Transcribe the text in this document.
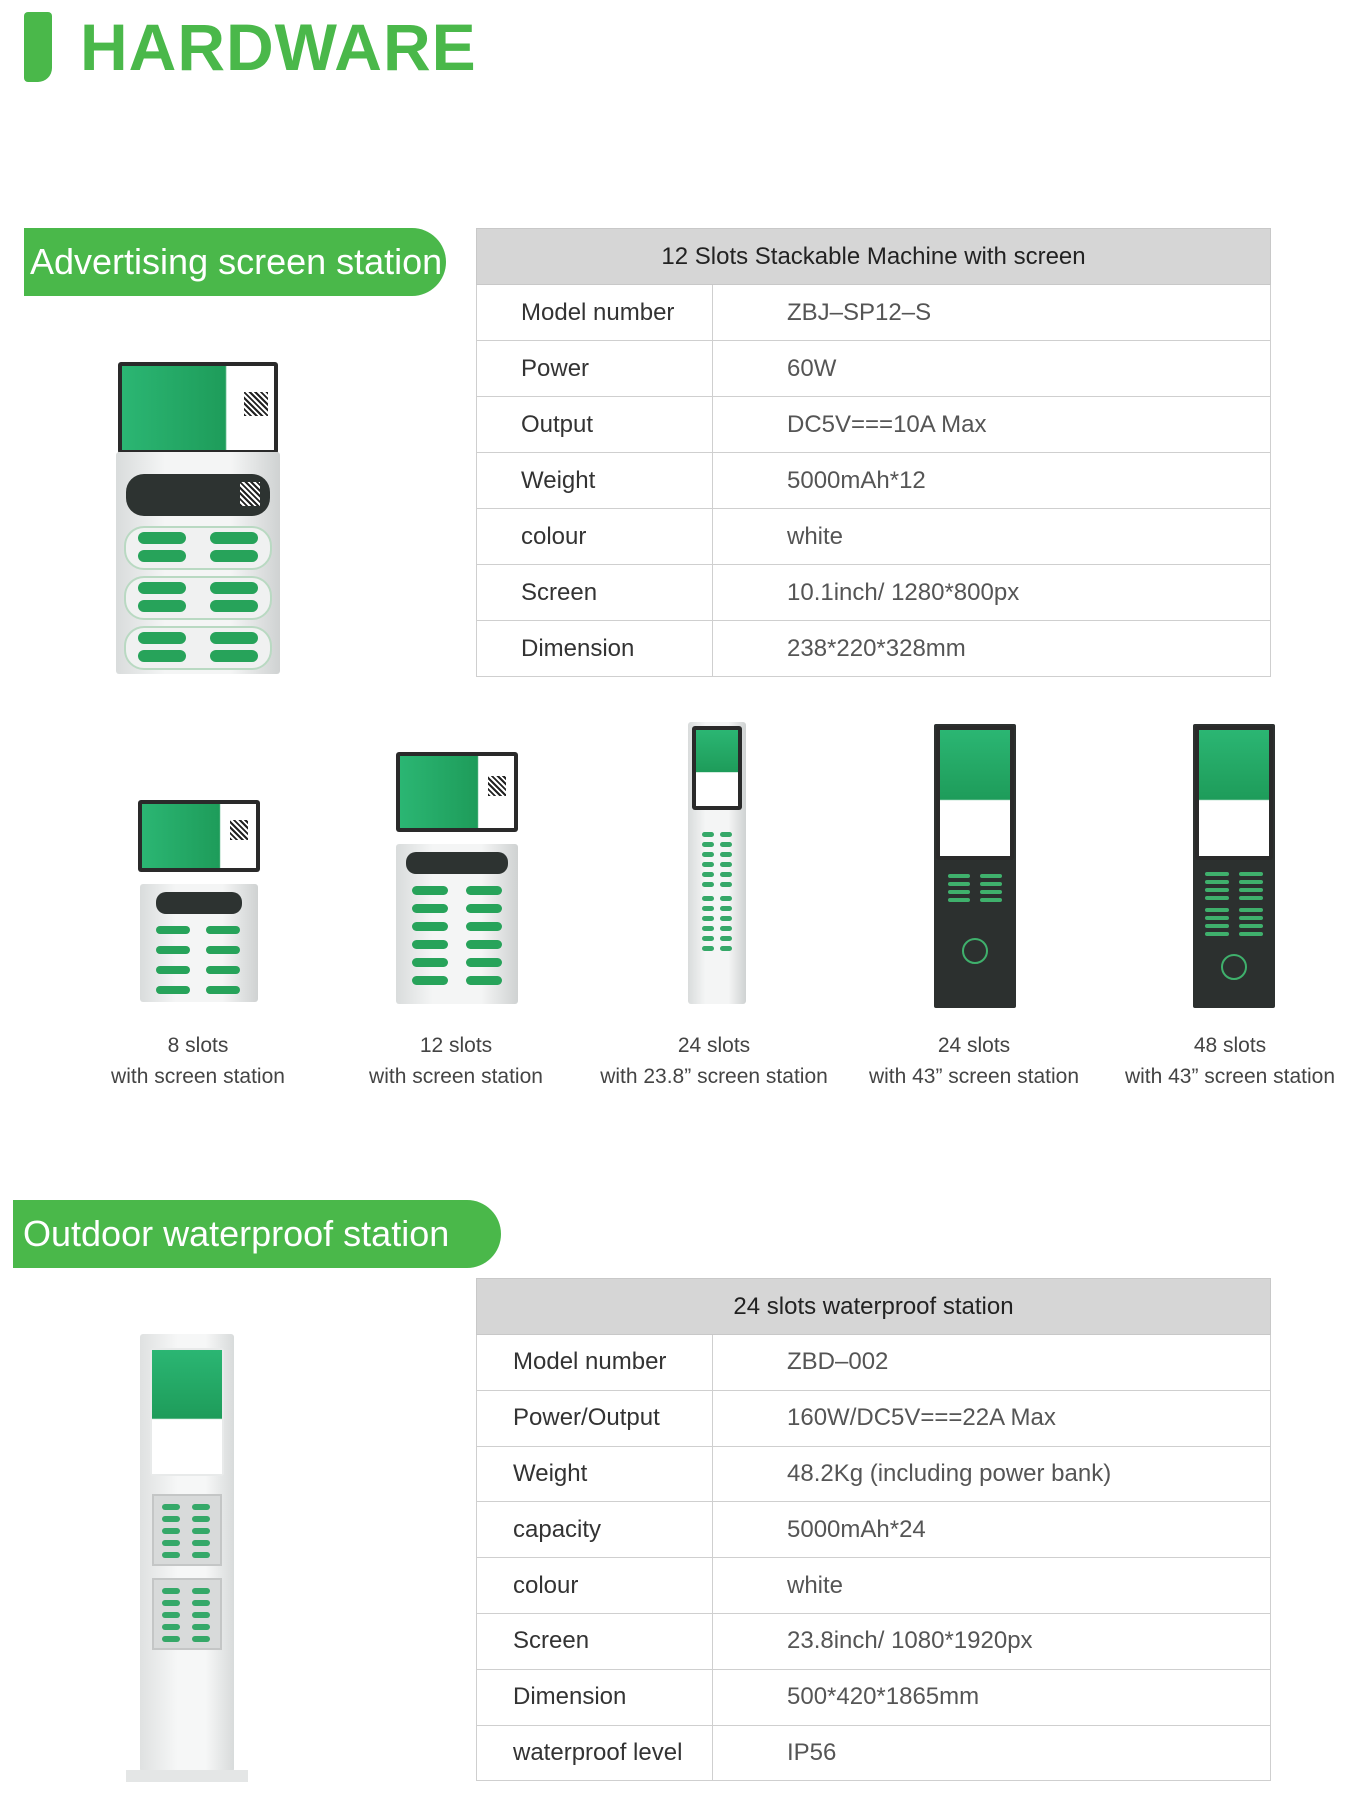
HARDWARE
Advertising screen station	12 Slots Stackable Machine with screen	
Model number	ZBJ–SP12–S
Power	60W
Output	DC5V===10A Max
Weight	5000mAh*12
colour	white
Screen	10.1inch/ 1280*800px
Dimension	238*220*328mm
8 slots
with screen station
12 slots
with screen station
24 slots
with 23.8” screen station
24 slots
with 43” screen station
48 slots
with 43” screen station
Outdoor waterproof station
24 slots waterproof station	
Model number	ZBD–002
Power/Output	160W/DC5V===22A Max
Weight	48.2Kg (including power bank)
capacity	5000mAh*24
colour	white
Screen	23.8inch/ 1080*1920px
Dimension	500*420*1865mm
waterproof level	IP56
